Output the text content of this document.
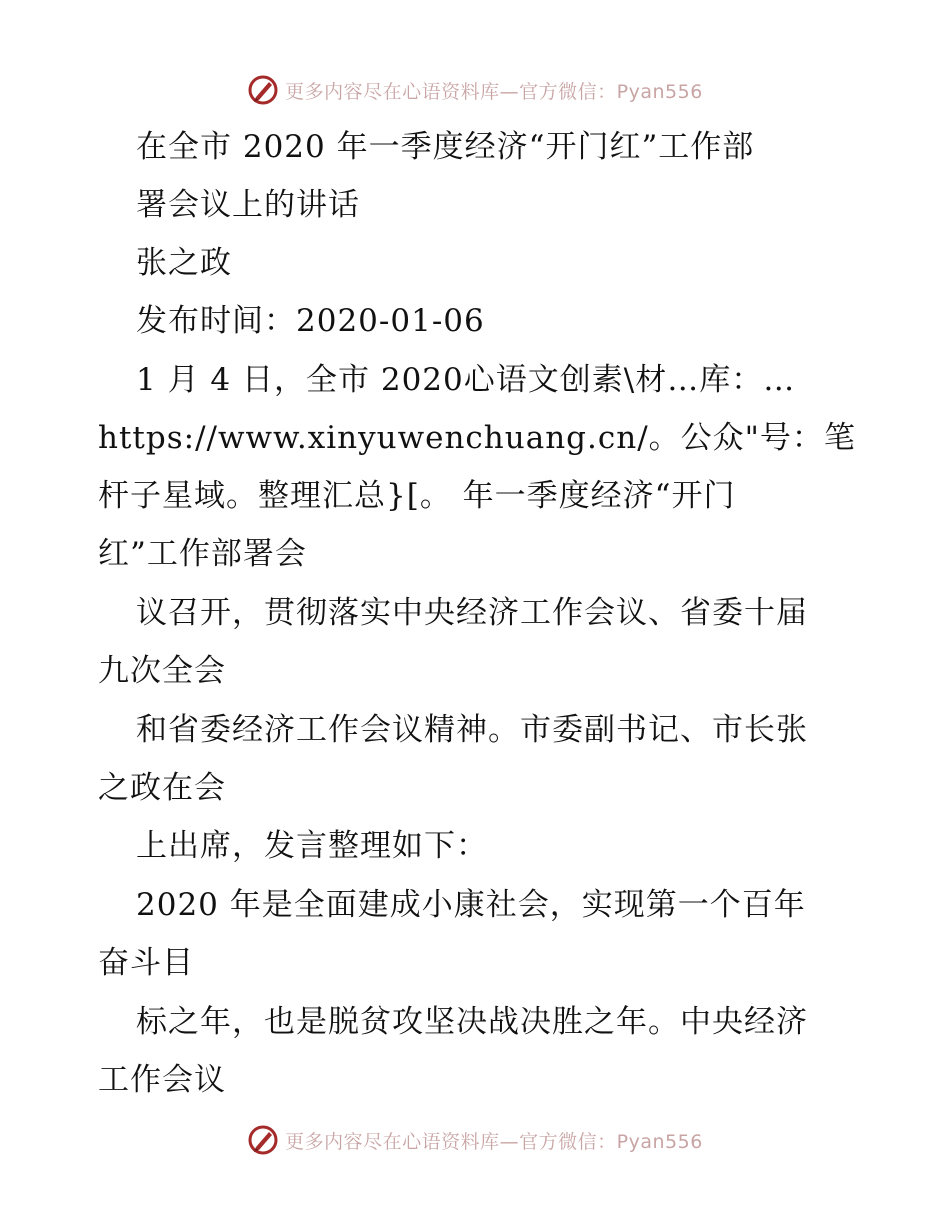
更多内容尽在心语资料库—官方微信：Pyan556
在全市 2020 年一季度经济“开门红”工作部
署会议上的讲话
张之政
发布时间：2020-01-06
1 月 4 日，全市 2020心语文创素\材…库：…
https://www.xinyuwenchuang.cn/。公众"号：笔
杆子星域。整理汇总}[。 年一季度经济“开门
红”工作部署会
议召开，贯彻落实中央经济工作会议、省委十届
九次全会
和省委经济工作会议精神。市委副书记、市长张
之政在会
上出席，发言整理如下：
2020 年是全面建成小康社会，实现第一个百年
奋斗目
标之年，也是脱贫攻坚决战决胜之年。中央经济
工作会议
更多内容尽在心语资料库—官方微信：Pyan556
